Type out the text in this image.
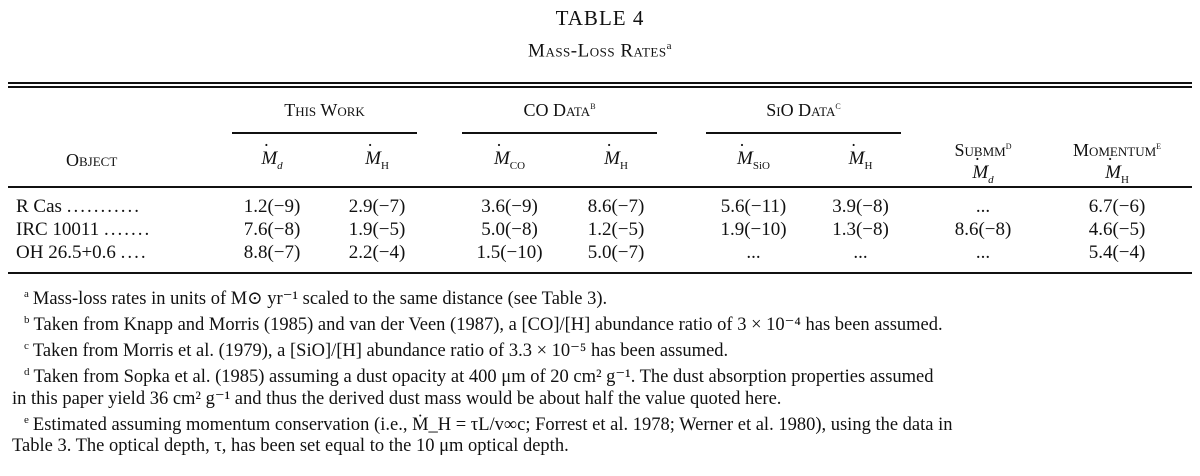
TABLE 4
Mass-Loss Rates$^a$
This Work	CO Data$^b$	SiO Data$^c$
Submm$^d$	Momentum$^e$
Object	· $M_d$	· $M_H$	· $M_{CO}$	· $M_H$	· $M_{SiO}$	· $M_H$	· $M_d$	· $M_H$
R Cas ...........	1.2(−9)	2.9(−7)	3.6(−9)	8.6(−7)	5.6(−11)	3.9(−8)	...	6.7(−6)
IRC 10011 .......	7.6(−8)	1.9(−5)	5.0(−8)	1.2(−5)	1.9(−10)	1.3(−8)	8.6(−8)	4.6(−5)
OH 26.5+0.6 ....	8.8(−7)	2.2(−4)	1.5(−10)	5.0(−7)	...	...	...	5.4(−4)
$^a$ Mass-loss rates in units of M⊙ yr⁻¹ scaled to the same distance (see Table 3).
$^b$ Taken from Knapp and Morris (1985) and van der Veen (1987), a [CO]/[H] abundance ratio of 3 × 10⁻⁴ has been assumed.
$^c$ Taken from Morris et al. (1979), a [SiO]/[H] abundance ratio of 3.3 × 10⁻⁵ has been assumed.
$^d$ Taken from Sopka et al. (1985) assuming a dust opacity at 400 μm of 20 cm² g⁻¹. The dust absorption properties assumed
in this paper yield 36 cm² g⁻¹ and thus the derived dust mass would be about half the value quoted here.
$^e$ Estimated assuming momentum conservation (i.e., Ṁ_H = τL/v∞c; Forrest et al. 1978; Werner et al. 1980), using the data in
Table 3. The optical depth, τ, has been set equal to the 10 μm optical depth.
